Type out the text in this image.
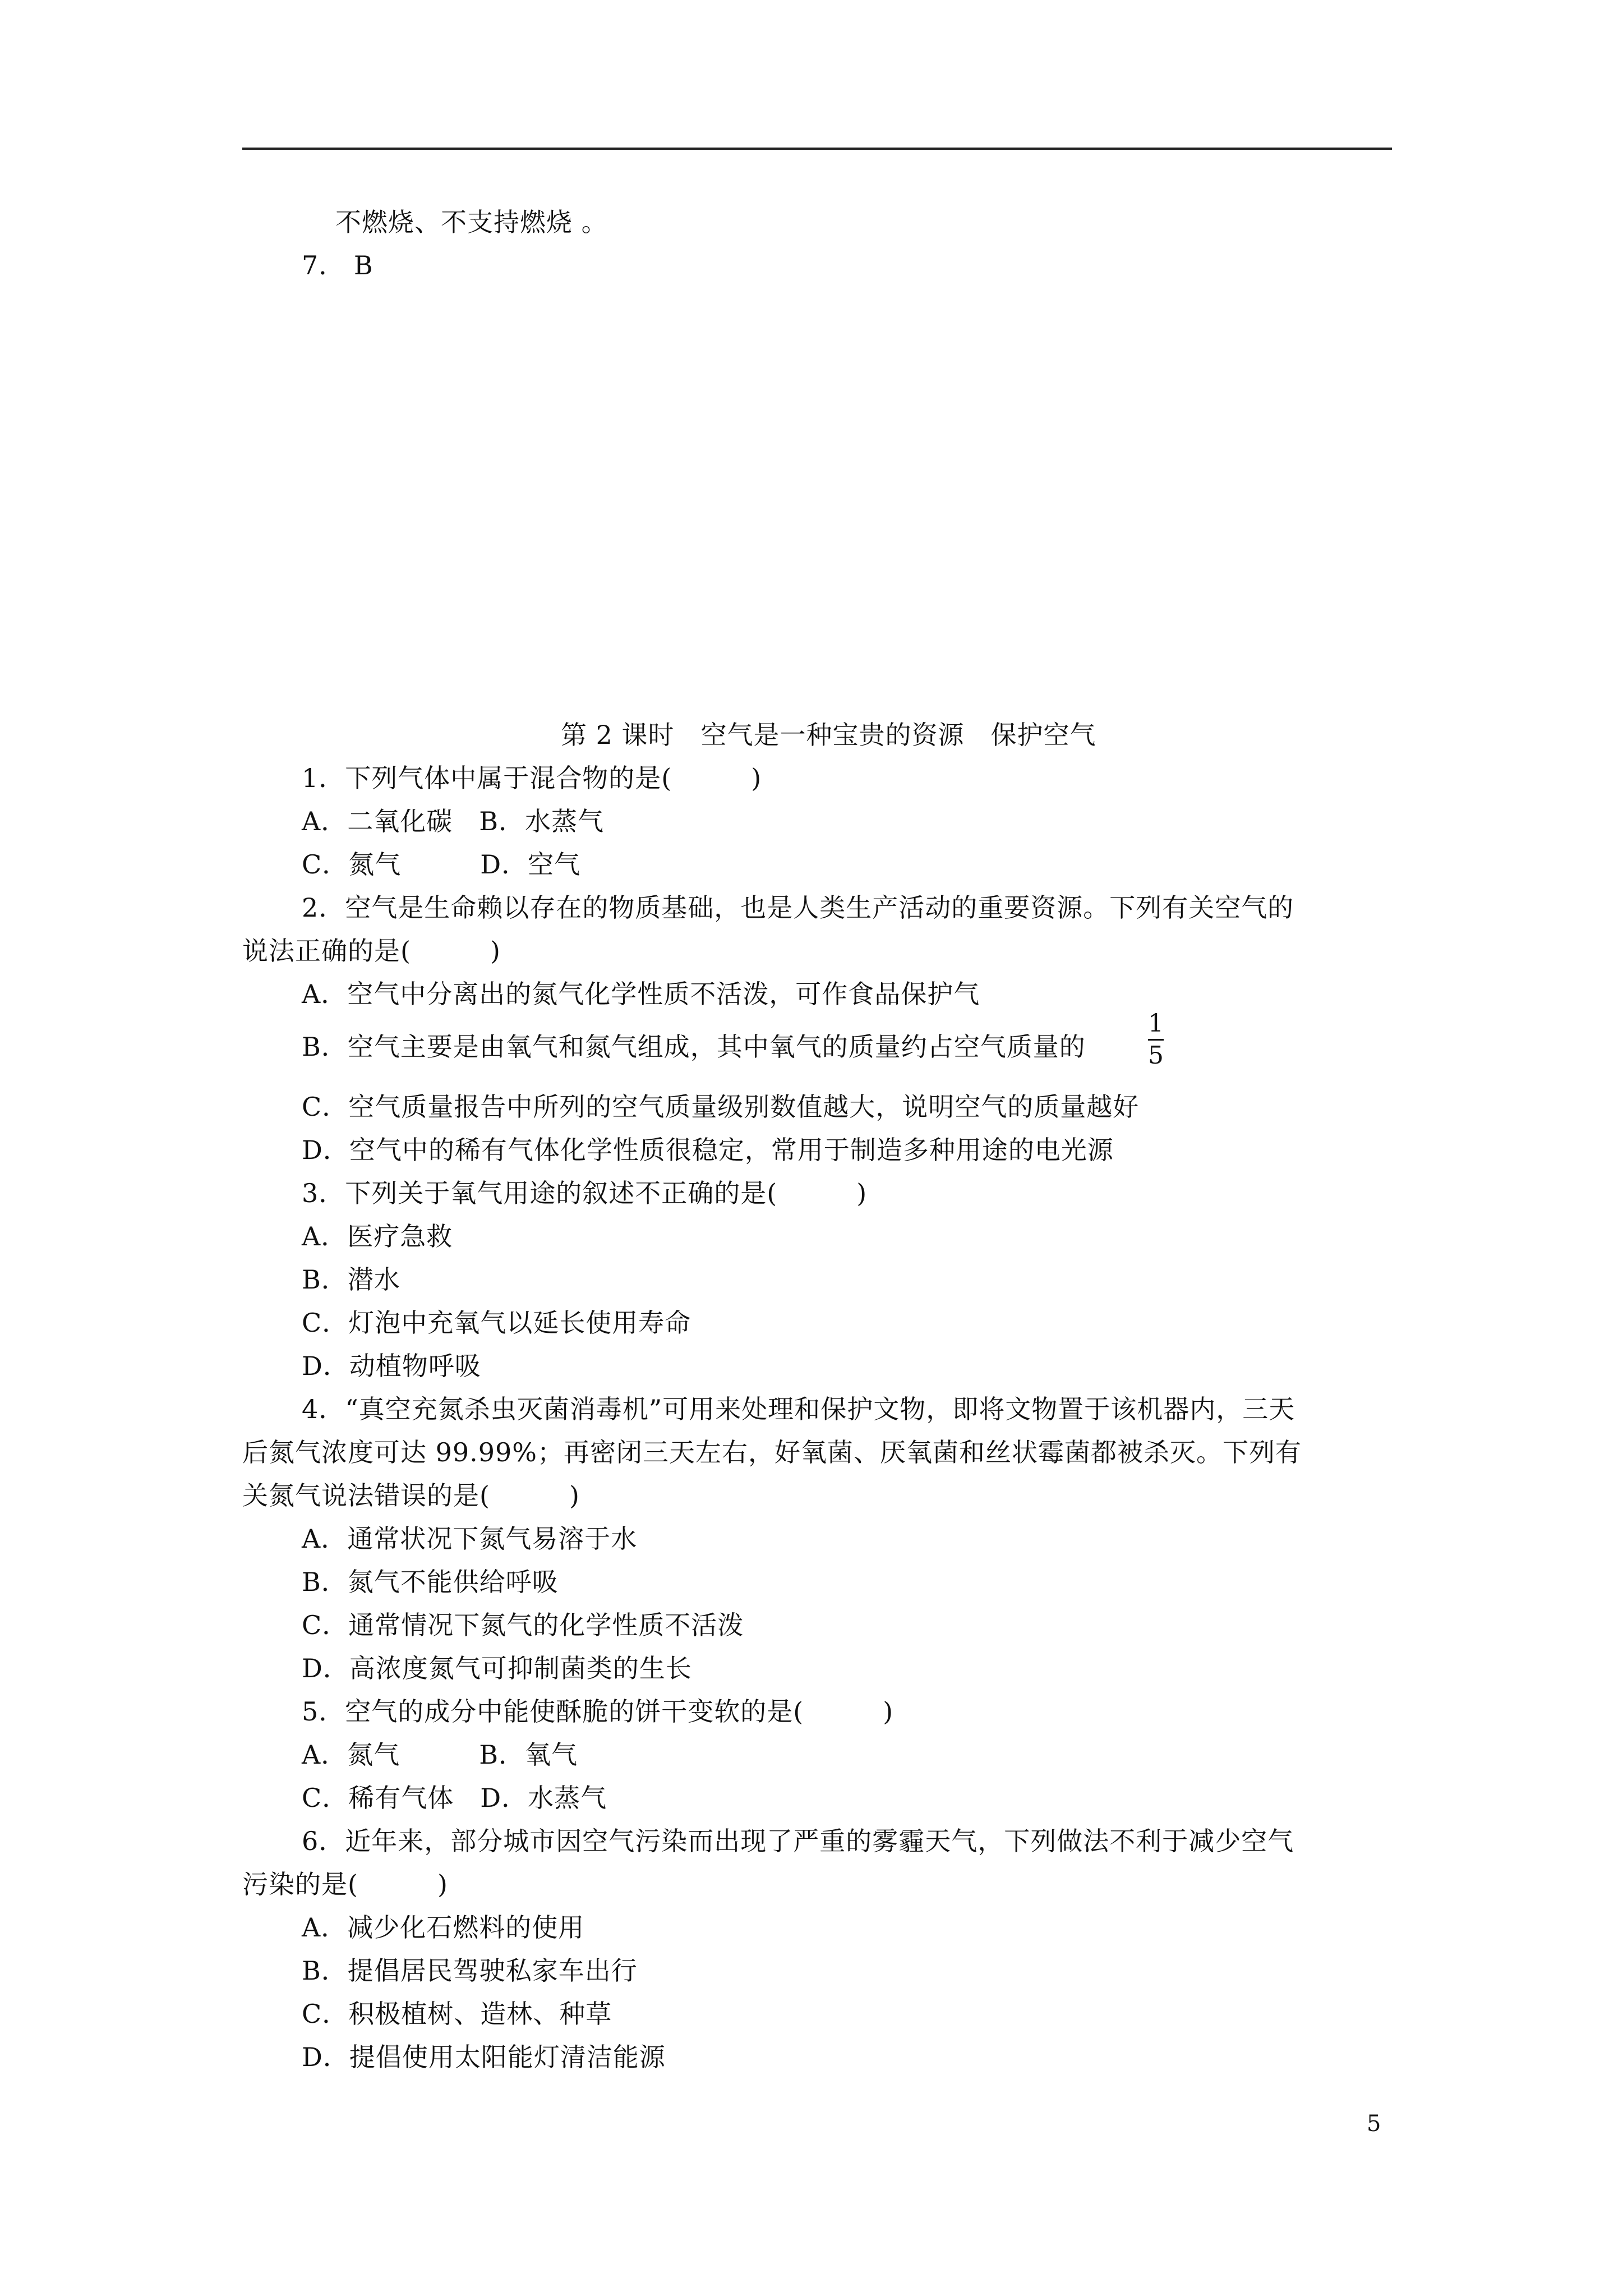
不燃烧、不支持燃烧 。
7． B
第 2 课时　空气是一种宝贵的资源　保护空气
1．下列气体中属于混合物的是(　　　)
A．二氧化碳　B．水蒸气
C．氮气　　　D．空气
2．空气是生命赖以存在的物质基础，也是人类生产活动的重要资源。下列有关空气的
说法正确的是(　　　)
A．空气中分离出的氮气化学性质不活泼，可作食品保护气
B．空气主要是由氧气和氮气组成，其中氧气的质量约占空气质量的
1
5
C．空气质量报告中所列的空气质量级别数值越大，说明空气的质量越好
D．空气中的稀有气体化学性质很稳定，常用于制造多种用途的电光源
3．下列关于氧气用途的叙述不正确的是(　　　)
A．医疗急救
B．潜水
C．灯泡中充氧气以延长使用寿命
D．动植物呼吸
4．“真空充氮杀虫灭菌消毒机”可用来处理和保护文物，即将文物置于该机器内，三天
后氮气浓度可达 99.99%；再密闭三天左右，好氧菌、厌氧菌和丝状霉菌都被杀灭。下列有
关氮气说法错误的是(　　　)
A．通常状况下氮气易溶于水
B．氮气不能供给呼吸
C．通常情况下氮气的化学性质不活泼
D．高浓度氮气可抑制菌类的生长
5．空气的成分中能使酥脆的饼干变软的是(　　　)
A．氮气　　　B．氧气
C．稀有气体　D．水蒸气
6．近年来，部分城市因空气污染而出现了严重的雾霾天气，下列做法不利于减少空气
污染的是(　　　)
A．减少化石燃料的使用
B．提倡居民驾驶私家车出行
C．积极植树、造林、种草
D．提倡使用太阳能灯清洁能源
5
